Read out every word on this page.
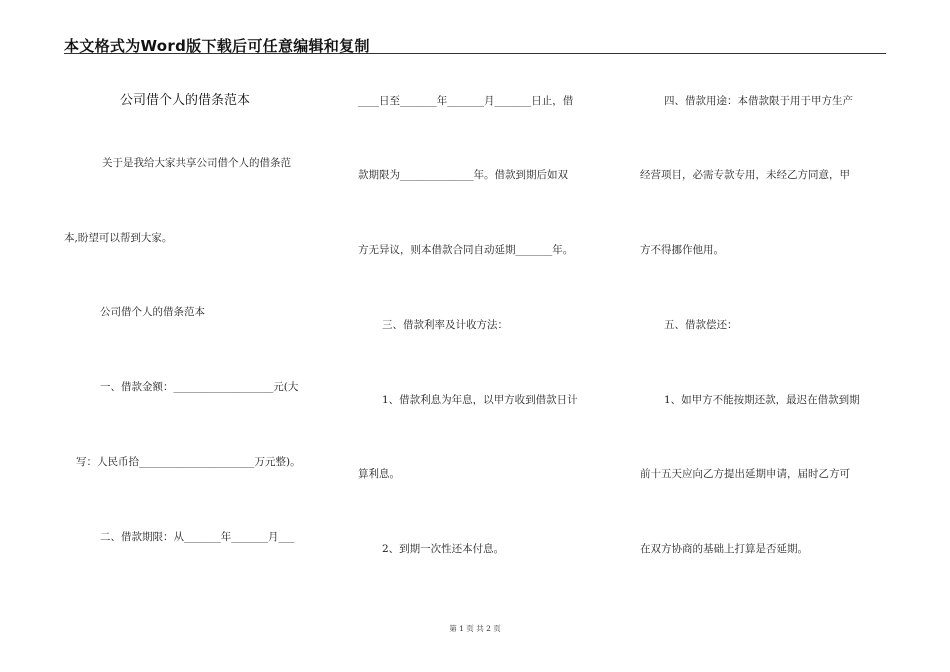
本文格式为Word版下载后可任意编辑和复制
公司借个人的借条范本
关于是我给大家共享公司借个人的借条范
本,盼望可以帮到大家。
公司借个人的借条范本
一、借款金额：___________________元(大
写：人民币拾______________________万元整)。
二、借款期限：从_______年_______月___
____日至_______年_______月_______日止，借
款期限为______________年。借款到期后如双
方无异议，则本借款合同自动延期_______年。
三、借款利率及计收方法：
1、借款利息为年息，以甲方收到借款日计
算利息。
2、到期一次性还本付息。
四、借款用途：本借款限于用于甲方生产
经营项目，必需专款专用，未经乙方同意，甲
方不得挪作他用。
五、借款偿还：
1、如甲方不能按期还款，最迟在借款到期
前十五天应向乙方提出延期申请，届时乙方可
在双方协商的基础上打算是否延期。
第 1 页 共 2 页
